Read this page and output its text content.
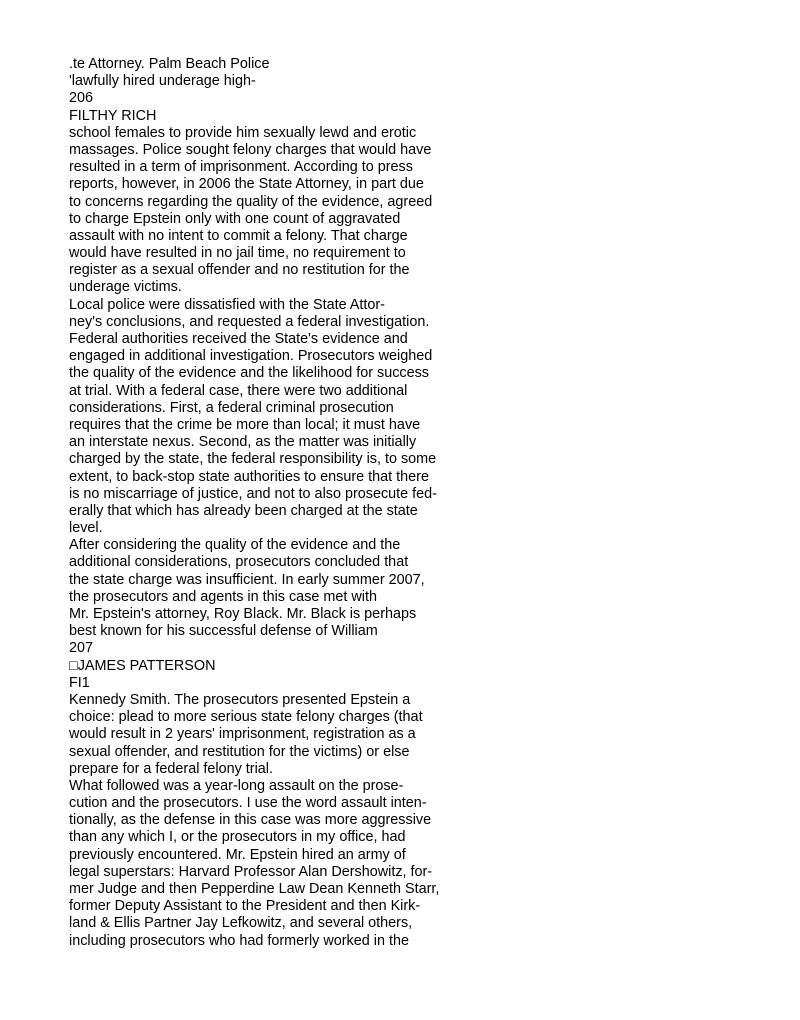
.te Attorney. Palm Beach Police
'lawfully hired underage high-
206
FILTHY RICH
school females to provide him sexually lewd and erotic
massages. Police sought felony charges that would have
resulted in a term of imprisonment. According to press
reports, however, in 2006 the State Attorney, in part due
to concerns regarding the quality of the evidence, agreed
to charge Epstein only with one count of aggravated
assault with no intent to commit a felony. That charge
would have resulted in no jail time, no requirement to
register as a sexual offender and no restitution for the
underage victims.
Local police were dissatisfied with the State Attor-
ney's conclusions, and requested a federal investigation.
Federal authorities received the State's evidence and
engaged in additional investigation. Prosecutors weighed
the quality of the evidence and the likelihood for success
at trial. With a federal case, there were two additional
considerations. First, a federal criminal prosecution
requires that the crime be more than local; it must have
an interstate nexus. Second, as the matter was initially
charged by the state, the federal responsibility is, to some
extent, to back-stop state authorities to ensure that there
is no miscarriage of justice, and not to also prosecute fed-
erally that which has already been charged at the state
level.
After considering the quality of the evidence and the
additional considerations, prosecutors concluded that
the state charge was insufficient. In early summer 2007,
the prosecutors and agents in this case met with
Mr. Epstein's attorney, Roy Black. Mr. Black is perhaps
best known for his successful defense of William
207
□JAMES PATTERSON
FI1
Kennedy Smith. The prosecutors presented Epstein a
choice: plead to more serious state felony charges (that
would result in 2 years' imprisonment, registration as a
sexual offender, and restitution for the victims) or else
prepare for a federal felony trial.
What followed was a year-long assault on the prose-
cution and the prosecutors. I use the word assault inten-
tionally, as the defense in this case was more aggressive
than any which I, or the prosecutors in my office, had
previously encountered. Mr. Epstein hired an army of
legal superstars: Harvard Professor Alan Dershowitz, for-
mer Judge and then Pepperdine Law Dean Kenneth Starr,
former Deputy Assistant to the President and then Kirk-
land & Ellis Partner Jay Lefkowitz, and several others,
including prosecutors who had formerly worked in the
